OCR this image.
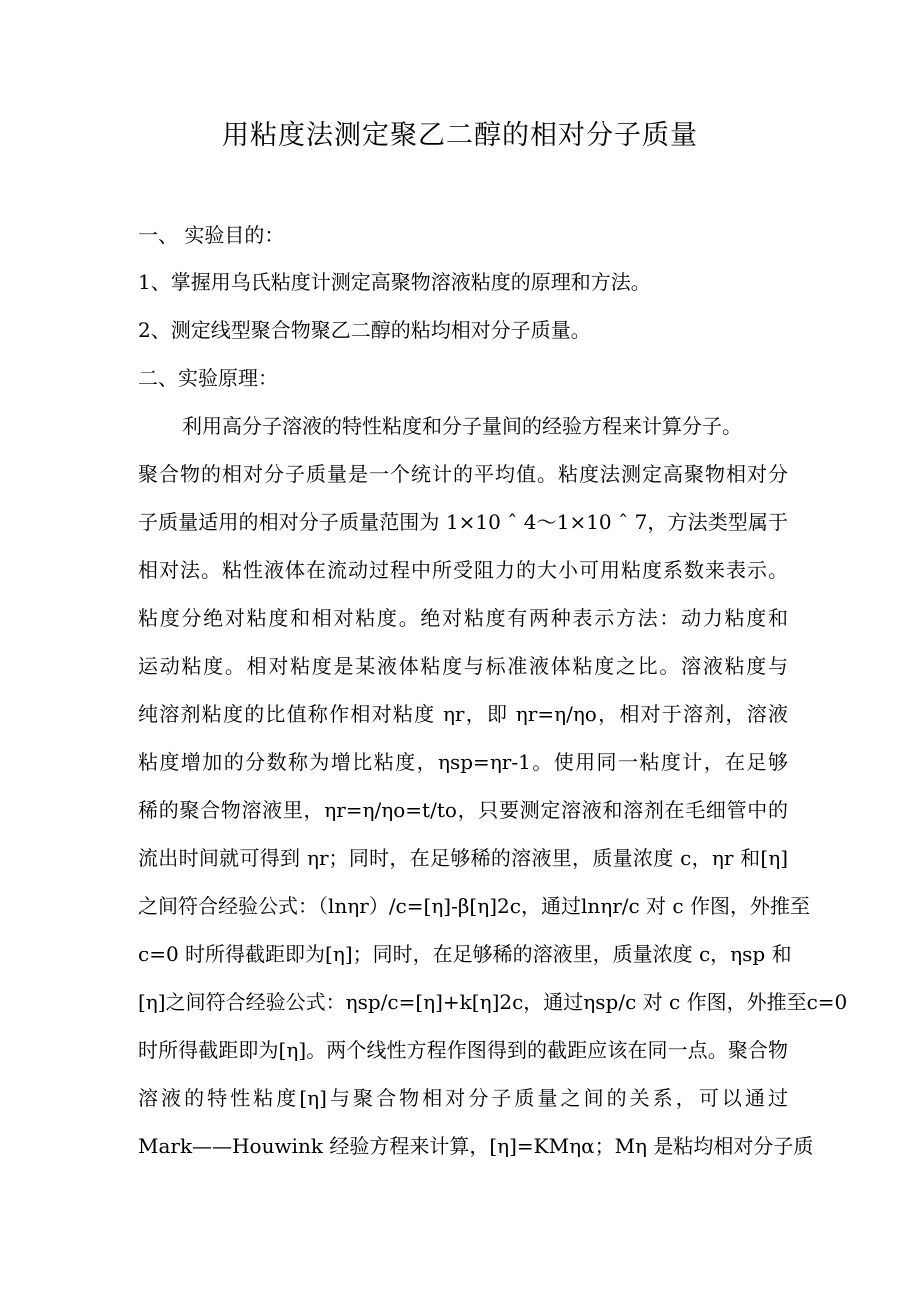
用粘度法测定聚乙二醇的相对分子质量
一、 实验目的：
1、掌握用乌氏粘度计测定高聚物溶液粘度的原理和方法。
2、测定线型聚合物聚乙二醇的粘均相对分子质量。
二、实验原理：
利用高分子溶液的特性粘度和分子量间的经验方程来计算分子。
聚合物的相对分子质量是一个统计的平均值。粘度法测定高聚物相对分
子质量适用的相对分子质量范围为 1×10 ˆ 4～1×10 ˆ 7，方法类型属于
相对法。粘性液体在流动过程中所受阻力的大小可用粘度系数来表示。
粘度分绝对粘度和相对粘度。绝对粘度有两种表示方法：动力粘度和
运动粘度。相对粘度是某液体粘度与标准液体粘度之比。溶液粘度与
纯溶剂粘度的比值称作相对粘度 ηr，即 ηr=η/ηo，相对于溶剂，溶液
粘度增加的分数称为增比粘度，ηsp=ηr-1。使用同一粘度计，在足够
稀的聚合物溶液里，ηr=η/ηo=t/to，只要测定溶液和溶剂在毛细管中的
流出时间就可得到 ηr；同时，在足够稀的溶液里，质量浓度 c，ηr 和[η]
之间符合经验公式：（lnηr）/c=[η]-β[η]2c，通过lnηr/c 对 c 作图，外推至
c=0 时所得截距即为[η]；同时，在足够稀的溶液里，质量浓度 c，ηsp 和
[η]之间符合经验公式：ηsp/c=[η]+k[η]2c，通过ηsp/c 对 c 作图，外推至c=0
时所得截距即为[η]。两个线性方程作图得到的截距应该在同一点。聚合物
溶液的特性粘度[η]与聚合物相对分子质量之间的关系，可以通过
Mark——Houwink 经验方程来计算，[η]=KMηα；Mη 是粘均相对分子质
